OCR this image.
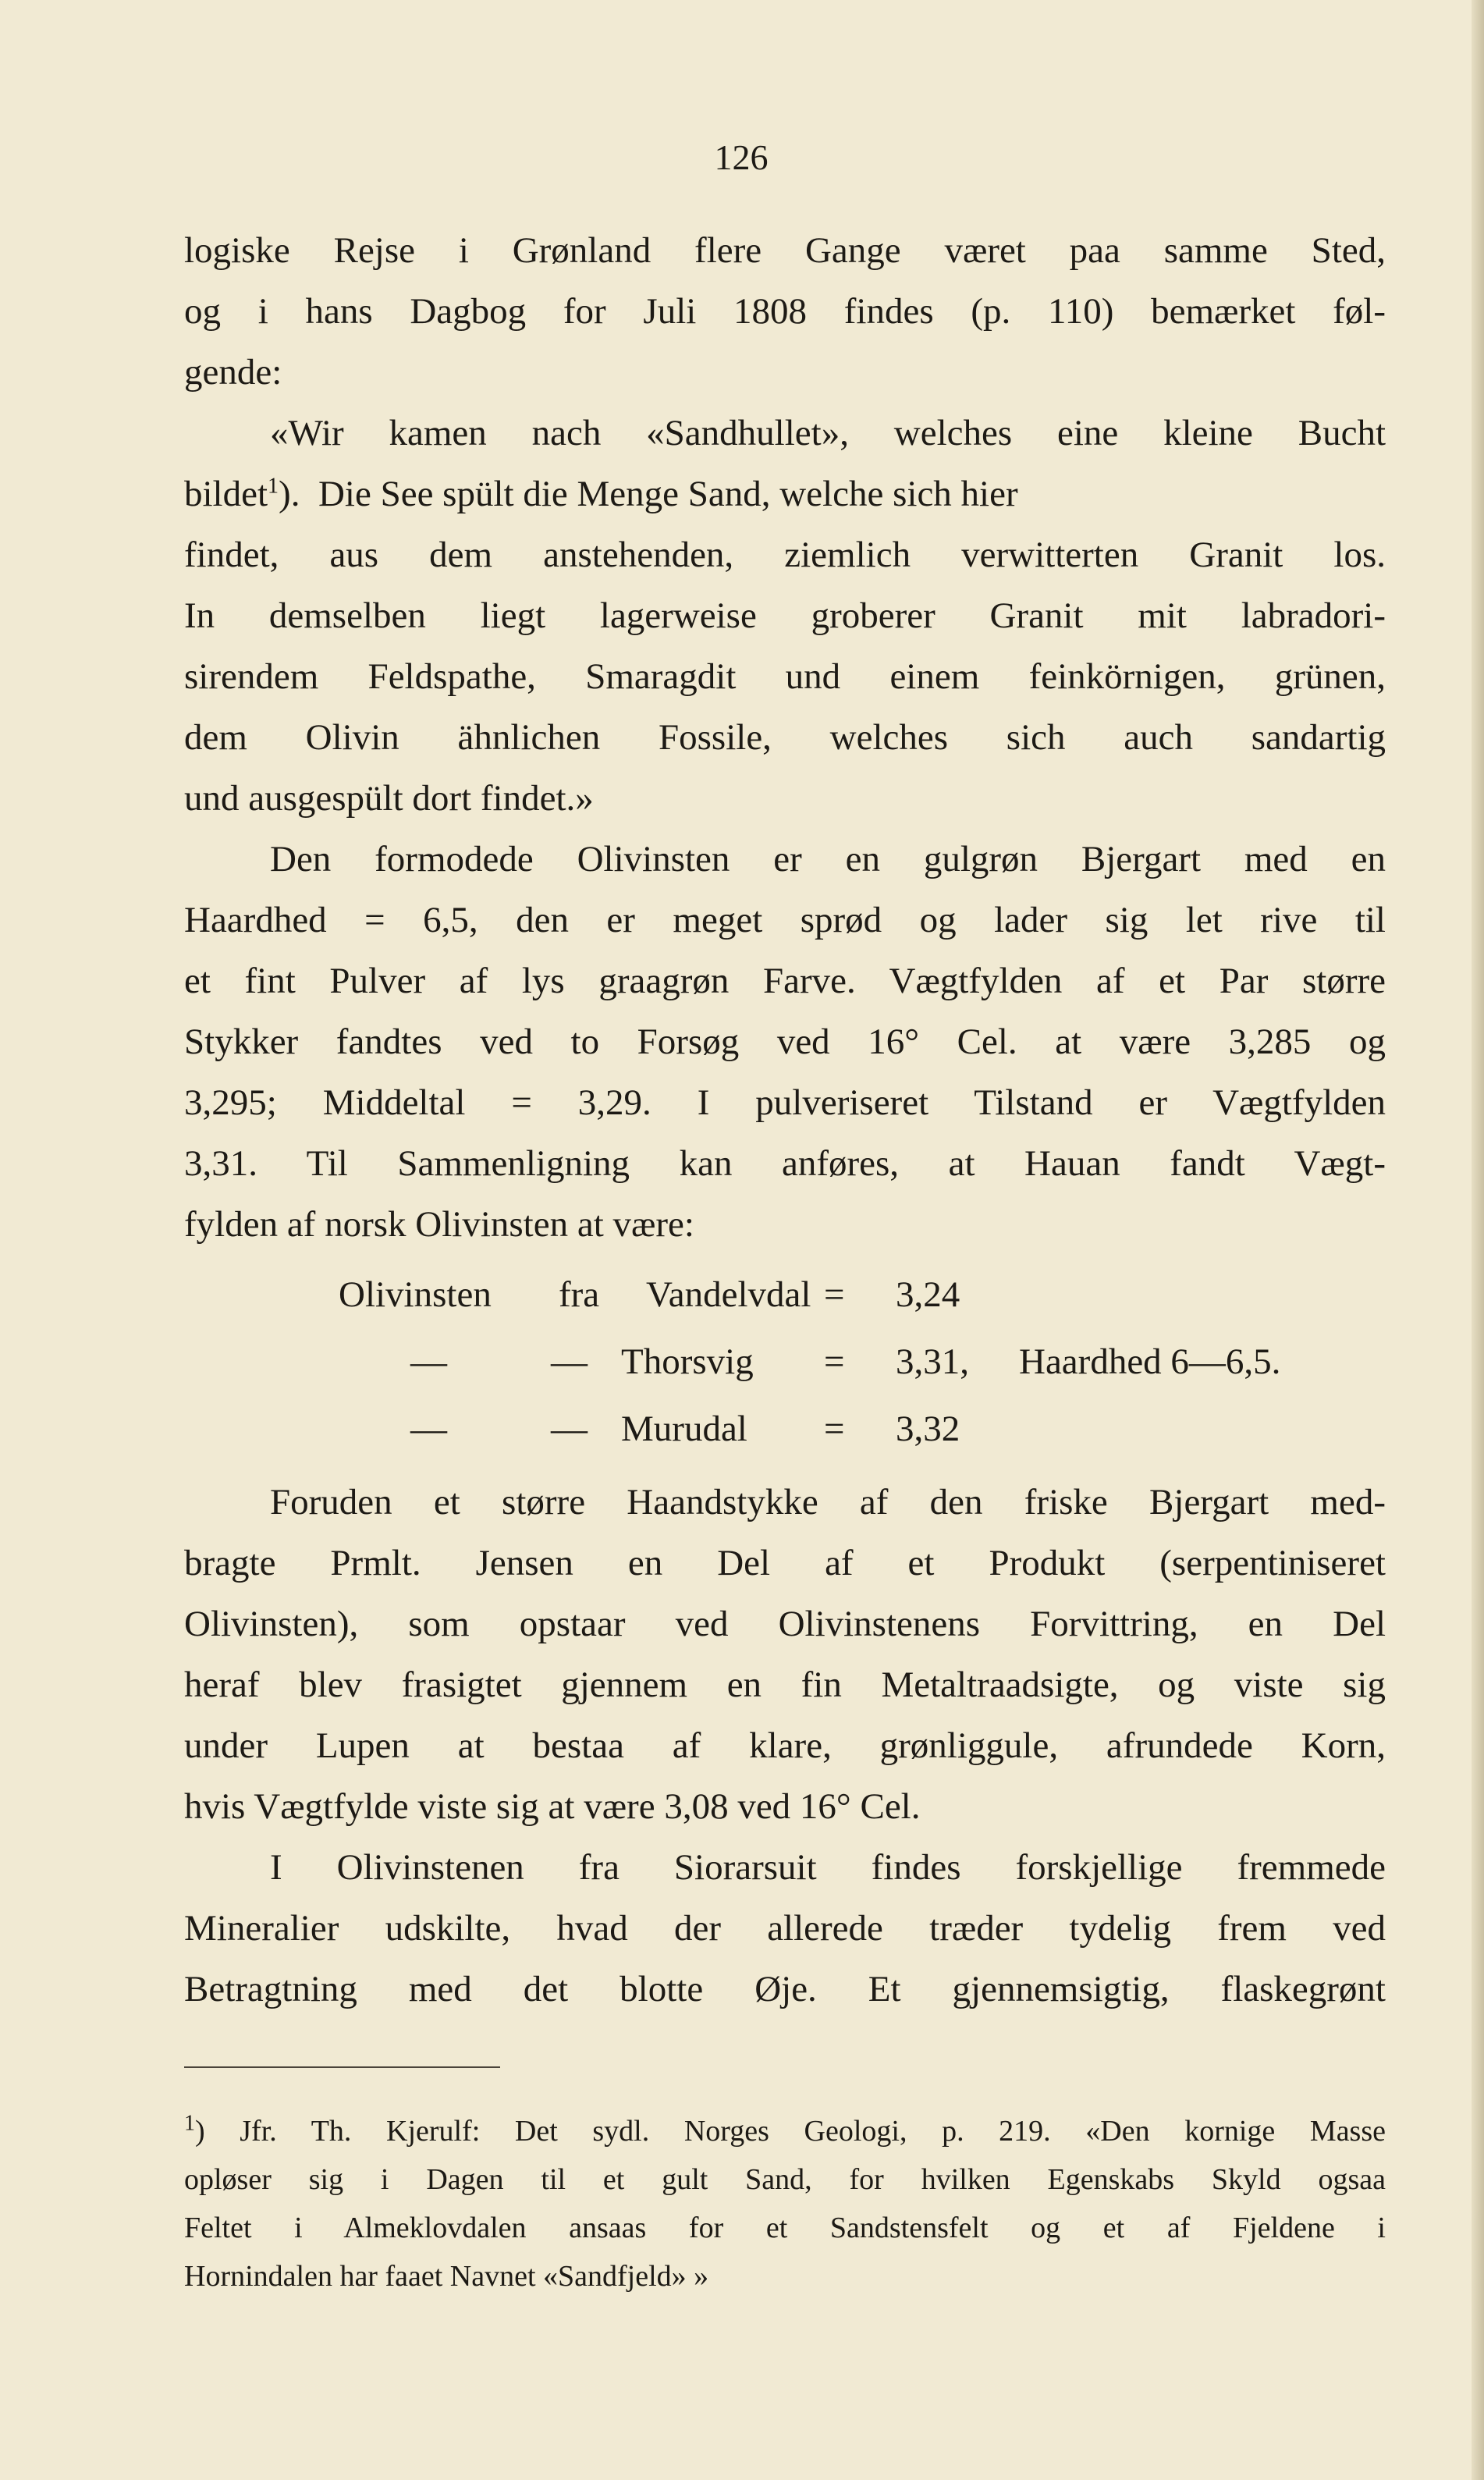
126
logiske Rejse i Grønland flere Gange været paa samme Sted,
og i hans Dagbog for Juli 1808 findes (p. 110) bemærket føl-
gende:
«Wir kamen nach «Sandhullet», welches eine kleine Bucht
bildet$^1$). Die See spült die Menge Sand, welche sich hier
findet, aus dem anstehenden, ziemlich verwitterten Granit los.
In demselben liegt lagerweise groberer Granit mit labradori-
sirendem Feldspathe, Smaragdit und einem feinkörnigen, grünen,
dem Olivin ähnlichen Fossile, welches sich auch sandartig
und ausgespült dort findet.»
Den formodede Olivinsten er en gulgrøn Bjergart med en
Haardhed = 6,5, den er meget sprød og lader sig let rive til
et fint Pulver af lys graagrøn Farve. Vægtfylden af et Par større
Stykker fandtes ved to Forsøg ved 16° Cel. at være 3,285 og
3,295; Middeltal = 3,29. I pulveriseret Tilstand er Vægtfylden
3,31. Til Sammenligning kan anføres, at Hauan fandt Vægt-
fylden af norsk Olivinsten at være:
Olivinsten fra Vandelvdal = 3,24
—	— Thorsvig = 3,31, Haardhed 6—6,5.
—	— Murudal = 3,32
Foruden et større Haandstykke af den friske Bjergart med-
bragte Prmlt. Jensen en Del af et Produkt (serpentiniseret
Olivinsten), som opstaar ved Olivinstenens Forvittring, en Del
heraf blev frasigtet gjennem en fin Metaltraadsigte, og viste sig
under Lupen at bestaa af klare, grønliggule, afrundede Korn,
hvis Vægtfylde viste sig at være 3,08 ved 16° Cel.
I Olivinstenen fra Siorarsuit findes forskjellige fremmede
Mineralier udskilte, hvad der allerede træder tydelig frem ved
Betragtning med det blotte Øje. Et gjennemsigtig, flaskegrønt
$^1$) Jfr. Th. Kjerulf: Det sydl. Norges Geologi, p. 219. «Den kornige Masse
opløser sig i Dagen til et gult Sand, for hvilken Egenskabs Skyld ogsaa
Feltet i Almeklovdalen ansaas for et Sandstensfelt og et af Fjeldene i
Hornindalen har faaet Navnet «Sandfjeld» »
